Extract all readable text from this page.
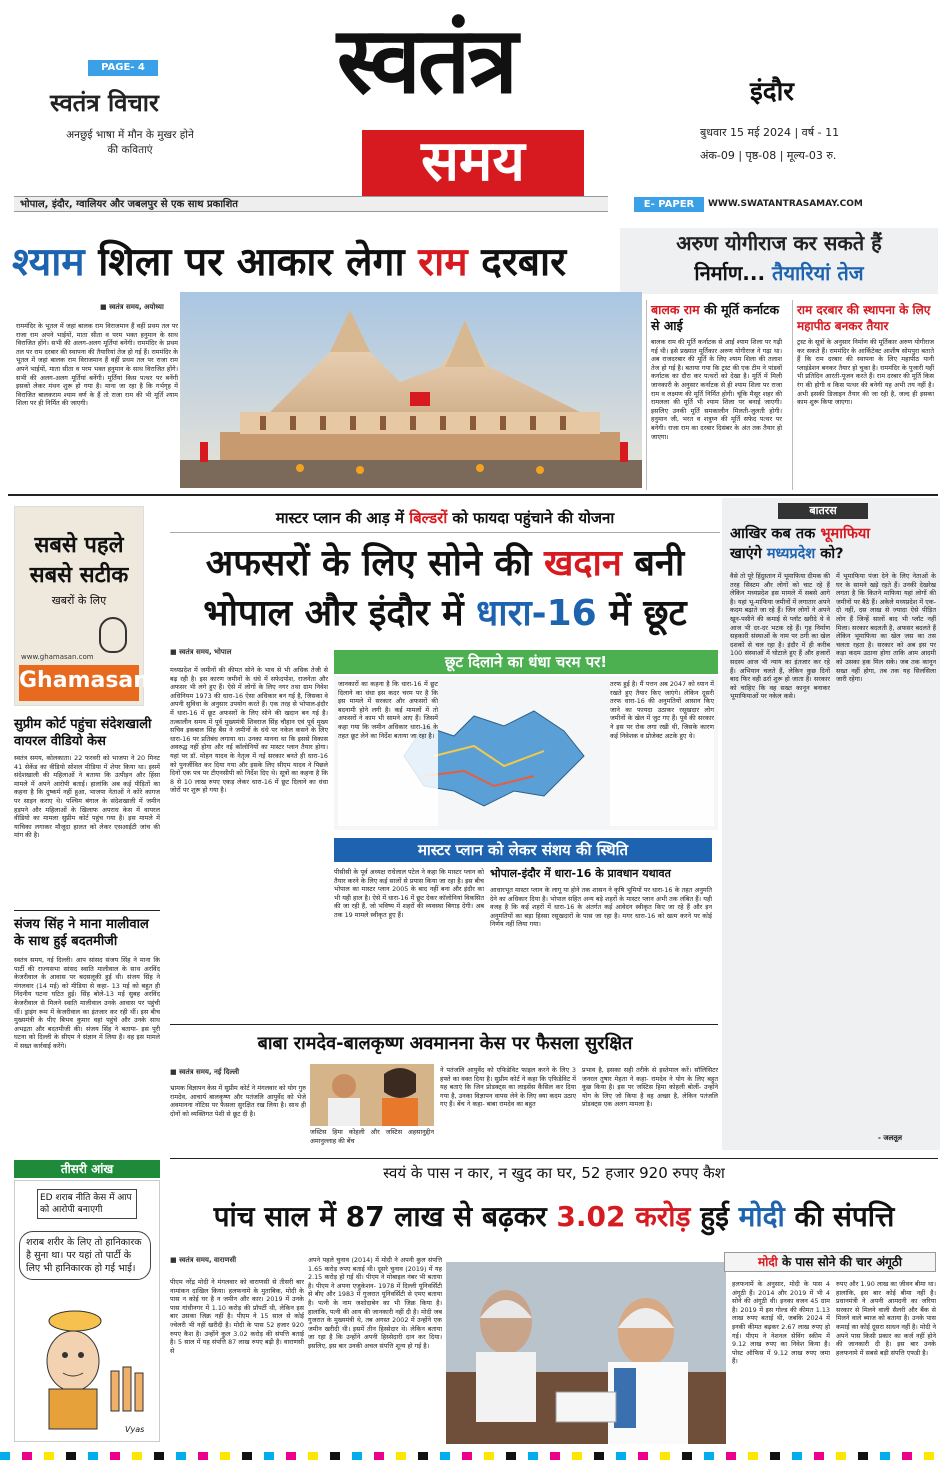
PAGE- 4
स्वतंत्र विचार
अनछुई भाषा में मौन के मुखर होने की कविताएं
स्वतंत्र
समय
इंदौर
बुधवार 15 मई 2024 | वर्ष - 11
अंक-09 | पृष्ठ-08 | मूल्य-03 रु.
भोपाल, इंदौर, ग्वालियर और जबलपुर से एक साथ प्रकाशित	E- PAPER	WWW.SWATANTRASAMAY.COM
श्याम शिला पर आकार लेगा राम दरबार	अरुण योगीराज कर सकते हैं
निर्माण... तैयारियां तेज
■ स्वतंत्र समय, अयोध्या
राममंदिर के भूतल में जहां बालक राम विराजमान हैं वहीं प्रथम तल पर राजा राम अपने भाईयों, माता सीता व परम भक्त हनुमान के साथ विराजित होंगे। सभी की अलग-अलग मूर्तियां बनेंगी। राममंदिर के प्रथम तल पर राम दरबार की स्थापना की तैयारियां तेज हो गई हैं। राममंदिर के भूतल में जहां बालक राम विराजमान हैं वहीं प्रथम तल पर राजा राम अपने भाईयों, माता सीता व परम भक्त हनुमान के साथ विराजित होंगे। सभी की अलग-अलग मूर्तियां बनेंगी। मूर्तियां किस पत्थर पर बनेंगी इसको लेकर मंथन शुरू हो गया है। माना जा रहा है कि गर्भगृह में विराजित बालकराम श्याम वर्ण के हैं तो राजा राम की भी मूर्ति श्याम शिला पर ही निर्मित की जाएगी।
बालक राम की मूर्ति कर्नाटक से आई
बालक राम की मूर्ति कर्नाटक से आई श्याम शिला पर गढ़ी गई थी। इसे प्रख्यात मूर्तिकार अरुण योगीराज ने गढ़ा था। अब राजदरबार की मूर्ति के लिए श्याम शिला की तलाश तेज हो गई है। बताया गया कि ट्रस्ट की एक टीम ने पांडवों कर्नाटक का दौरा कर पत्थरों को देखा है। मूर्ति में मिली जानकारी के अनुसार कर्नाटक से ही श्याम शिला पर राजा राम व लक्ष्मण की मूर्ति निर्मित होगी। चूंकि मैसूर शहर की रामलला की मूर्ति भी श्याम शिला पर बनाई जाएगी। इसलिए उनकी मूर्ति समकालीन मिलती-जुलती होगी। हनुमान जी, भरत व शत्रुघ्न की मूर्ति सफेद पत्थर पर बनेगी। राजा राम का दरबार दिसंबर के अंत तक तैयार हो जाएगा।
राम दरबार की स्थापना के लिए महापीठ बनकर तैयार
ट्रस्ट के सूत्रों के अनुसार निर्माण की मूर्तिकार अरुण योगीराज कर सकते हैं। राममंदिर के आर्किटेक्ट आशीष सोमपुरा बताते हैं कि राम दरबार की स्थापना के लिए महापीठ यानी प्लाइंडेशन बनकर तैयार हो चुका है। राममंदिर के पुजारी यहीं भी प्रतिदिन आरती-पूजन करते हैं। राम दरबार की मूर्ति किस रंग की होगी व किस पत्थर की बनेगी यह अभी तय नहीं है। अभी इसकी डिजाइन तैयार की जा रही है, जल्द ही इसका काम शुरू किया जाएगा।
सबसे पहले
सबसे सटीक
खबरों के लिए
www.ghamasan.com
Ghamasan$_{.com}$
सुप्रीम कोर्ट पहुंचा संदेशखाली वायरल वीडियो केस
स्वतंत्र समय, कोलकाता। 22 फरवरी को भाजपा ने 20 मिनट 41 सेकेंड का वीडियो सोशल मीडिया में शेयर किया था। इसमें संदेशखाली की महिलाओं ने बताया कि उत्पीड़न और हिंसा मामले में अपने आरोपी बताई। हालांकि अब कई पीड़ितों का कहना है कि दुष्कर्म नहीं हुआ, भाजपा नेताओं ने कोरे कागज पर साइन कराए थे। पश्चिम बंगाल के संदेशखाली में जमीन हड़पने और महिलाओं के खिलाफ अपराध केस में वायरल वीडियो का मामला सुप्रीम कोर्ट पहुंच गया है। इस मामले में याचिका लगाकर मौजूदा हालत को लेकर एसआईटी जांच की मांग की है।
संजय सिंह ने माना मालीवाल के साथ हुई बदतमीजी
स्वतंत्र समय, नई दिल्ली। आप सांसद संजय सिंह ने माना कि पार्टी की राज्यसभा सांसद स्वाति मालीवाल के साथ अरविंद केजरीवाल के आवास पर बदसलूकी हुई थी। संजय सिंह ने मंगलवार (14 मई) को मीडिया से कहा- 13 मई को बहुत ही निंदनीय घटना घटित हुई। सिंह बोले-13 मई सुबह अरविंद केजरीवाल से मिलने स्वाति मालीवाल उनके आवास पर पहुंची थीं। ड्राइंग रूम में केजरीवाल का इंतजार कर रही थीं। इस बीच मुख्यमंत्री के पीए बिभव कुमार वहां पहुंचे और उनके साथ अभद्रता और बदतमीजी की। संजय सिंह ने बताया- इस पूरी घटना को दिल्ली के सीएम ने संज्ञान में लिया है। वह इस मामले में सख्त कार्रवाई करेंगे।
तीसरी आंख
ED शराब नीति केस में आप को आरोपी बनाएगी
शराब शरीर के लिए तो हानिकारक है सुना था। पर यहां तो पार्टी के लिए भी हानिकारक हो गई भाई।
Vyas
मास्टर प्लान की आड़ में बिल्डरों को फायदा पहुंचाने की योजना
अफसरों के लिए सोने की खदान बनी
भोपाल और इंदौर में धारा-16 में छूट
■ स्वतंत्र समय, भोपाल
मध्यप्रदेश में जमीनों की कीमत सोने के भाव से भी अधिक तेजी से बढ़ रही है। इस कारण जमीनों के धंधे में सफेदपोश, राजनेता और अफसर भी लगे हुए हैं। ऐसे में लोगों के लिए नगर तथा ग्राम निवेश अधिनियम 1973 की धारा-16 ऐसा अधिकार बन गई है, जिसका वे अपनी सुविधा के अनुसार उपयोग करते हैं। एक तरह से भोपाल-इंदौर में धारा-16 में छूट अफसरों के लिए सोने की खदान बन गई है। तत्कालीन समय में पूर्व मुख्यमंत्री शिवराज सिंह चौहान एवं पूर्व मुख्य सचिव इकबाल सिंह बैंस ने जमीनों के धंधे पर नकेल कसने के लिए धारा-16 पर प्रतिबंध लगाया था। उनका मानना था कि इससे विकास अवरुद्ध नहीं होगा और नई कॉलोनियों का मास्टर प्लान तैयार होगा। यहां पर डॉ. मोहन यादव के नेतृत्व में नई सरकार बनते ही धारा-16 को पुनर्जीवित कर दिया गया और इसके लिए सीएम यादव ने पिछले दिनों एक पत्र पर टीएनसीपी को निर्देश दिए थे। सूत्रों का कहना है कि 8 से 10 लाख रुपए एकड़ लेकर धारा-16 में छूट दिलाने का धंधा जोरों पर शुरू हो गया है।
छूट दिलाने का धंधा चरम पर!
जानकारों का कहना है कि धारा-16 में छूट दिलाने का धंधा इस कदर चरम पर है कि इस मामले में सरकार और अफसरों की बदनामी होने लगी है। कई मामलों में तो अफसरों ने काम भी सामने आए हैं। जिसमें कहा गया कि जमीन अधिकार धारा-16 के तहत छूट लेने का निर्देश बताया जा रहा है।
तरफ हुई है। मैं पत्तन अब 2047 को ध्यान में रखते हुए तैयार किए जाएंगे। लेकिन दूसरी तरफ धारा-16 की अनुमतियों आसान किए जाने का फायदा उठाकर रसूखदार लोग जमीनों के खेल में जुट गए हैं। पूर्व की सरकार ने इस पर रोक लगा रखी थी, जिसके कारण कई निवेशक व प्रोजेक्ट अटके हुए थे।
मास्टर प्लान को लेकर संशय की स्थिति
पीसीसी के पूर्व अध्यक्ष राधेलाल पटेल ने कहा कि मास्टर प्लान को तैयार करने के लिए कई सालों से प्रयास किया जा रहा है। इस बीच भोपाल का मास्टर प्लान 2005 के बाद नहीं बना और इंदौर का भी यही हाल है। ऐसे में धारा-16 में छूट देकर कॉलोनियां विकसित की जा रही हैं, जो भविष्य में शहरों की व्यवस्था बिगाड़ देंगी। अब तक 19 मामले स्वीकृत हुए हैं।
भोपाल-इंदौर में धारा-16 के प्रावधान यथावत
आधारभूत मास्टर प्लान के लागू या होने तक शासन ने कृषि भूमियों पर धारा-16 के तहत अनुमति देने का अधिकार दिया है। भोपाल सहित अन्य बड़े शहरों के मास्टर प्लान अभी तक लंबित हैं। यही वजह है कि कई शहरों में धारा-16 के अंतर्गत कई आवेदन स्वीकृत किए जा रहे हैं और इन अनुमतियों का बड़ा हिस्सा रसूखदारों के पास जा रहा है। मगर धारा-16 को खत्म करने पर कोई निर्णय नहीं लिया गया।
बातरस
आखिर कब तक भूमाफिया
खाएंगे मध्यप्रदेश को?
वैसे तो पूरे हिंदुस्तान में भूमाफिया दीमक की तरह सिस्टम और लोगों को चाट रहे हैं लेकिन मध्यप्रदेश इस मामले में सबसे आगे है। यहां भू-माफिया जमीनों में लगातार अपने कदम बढ़ाते जा रहे हैं। जिन लोगों ने अपने खून-पसीने की कमाई से प्लॉट खरीदे थे वे आज भी दर-दर भटक रहे हैं। गृह निर्माण सहकारी संस्थाओं के नाम पर ठगी का खेल दशकों से चल रहा है। इंदौर में ही करीब 100 संस्थाओं में घोटाले हुए हैं और हजारों सदस्य आज भी न्याय का इंतजार कर रहे हैं। अभियान चलते हैं, लेकिन कुछ दिनों बाद फिर वही ढर्रा शुरू हो जाता है। सरकार को चाहिए कि वह सख्त कानून बनाकर भूमाफियाओं पर नकेल कसे।
में भूमाफिया पंजा देने के लिए नेताओं के घर के सामने खड़े रहते हैं। उनकी देखरेख लगता है कि कितने माफिया यहां लोगों की जमीनों पर बैठे हैं। अकेले मध्यप्रदेश में एक-दो नहीं, दस लाख से ज्यादा ऐसे पीड़ित लोग हैं जिन्हें सालों बाद भी प्लॉट नहीं मिला। सरकार बदलती है, अफसर बदलते हैं लेकिन भूमाफिया का खेल जस का तस चलता रहता है। सरकार को अब इस पर कड़ा कदम उठाना होगा ताकि आम आदमी को उसका हक मिल सके। जब तक कानून सख्त नहीं होगा, तब तक यह सिलसिला जारी रहेगा।
- जलतूल
बाबा रामदेव-बालकृष्ण अवमानना केस पर फैसला सुरक्षित
■ स्वतंत्र समय, नई दिल्ली
भ्रामक विज्ञापन केस में सुप्रीम कोर्ट ने मंगलवार को योग गुरु रामदेव, आचार्य बालकृष्ण और पतंजलि आयुर्वेद को भेजे अवमानना नोटिस पर फैसला सुरक्षित रख लिया है। साथ ही दोनों को व्यक्तिगत पेशी से छूट दी है।
जस्टिस हिमा कोहली और जस्टिस अहसानुद्दीन अमानुल्लाह की बेंच
ने पतंजलि आयुर्वेद को एफिडेविट फाइल करने के लिए 3 हफ्ते का वक्त दिया है। सुप्रीम कोर्ट ने कहा कि एफिडेविट में यह बताएं कि जिन प्रोडक्ट्स का लाइसेंस कैंसिल कर दिया गया है, उनका विज्ञापन वापस लेने के लिए क्या कदम उठाए गए हैं। बेंच ने कहा- बाबा रामदेव का बहुत
प्रभाव है, इसका सही तरीके से इस्तेमाल करें। सॉलिसिटर जनरल तुषार मेहता ने कहा- रामदेव ने योग के लिए बहुत कुछ किया है। इस पर जस्टिस हिमा कोहली बोलीं- उन्होंने योग के लिए जो किया है वह अच्छा है, लेकिन पतंजलि प्रोडक्ट्स एक अलग मामला है।
स्वयं के पास न कार, न खुद का घर, 52 हजार 920 रुपए कैश
पांच साल में 87 लाख से बढ़कर 3.02 करोड़ हुई मोदी की संपत्ति
■ स्वतंत्र समय, वाराणसी
पीएम नरेंद्र मोदी ने मंगलवार को वाराणसी से तीसरी बार नामांकन दाखिल किया। हलफनामे के मुताबिक, मोदी के पास न कोई घर है न जमीन और कार। 2019 में उनके पास गांधीनगर में 1.10 करोड़ की प्रॉपर्टी थी, लेकिन इस बार उसका जिक्र नहीं है। पीएम ने 15 साल से कोई ज्वेलरी भी नहीं खरीदी है। मोदी के पास 52 हजार 920 रुपए कैश है। उन्होंने कुल 3.02 करोड़ की संपत्ति बताई है। 5 साल में यह संपत्ति 87 लाख रुपए बढ़ी है। वाराणसी से
अपने पहले चुनाव (2014) में मोदी ने अपनी कुल संपत्ति 1.65 करोड़ रुपए बताई थी। दूसरे चुनाव (2019) में यह 2.15 करोड़ हो गई थी। पीएम ने मोबाइल नंबर भी बताया है। पीएम ने अपना एजुकेशन- 1978 में दिल्ली यूनिवर्सिटी से बीए और 1983 में गुजरात यूनिवर्सिटी से एमए बताया है। पत्नी के नाम जशोदाबेन का भी जिक्र किया है। हालांकि, पत्नी की आय की जानकारी नहीं दी है। मोदी जब गुजरात के मुख्यमंत्री थे, तब अगस्त 2002 में उन्होंने एक जमीन खरीदी थी। इसमें तीन हिस्सेदार थे। लेकिन बताया जा रहा है कि उन्होंने अपनी हिस्सेदारी दान कर दिया। इसलिए, इस बार उनकी अचल संपत्ति शून्य हो गई है।
मोदी के पास सोने की चार अंगूठी
हलफनामें के अनुसार, मोदी के पास 4 अंगूठी हैं। 2014 और 2019 में भी 4 सोने की अंगूठी थी। इनका वजन 45 ग्राम है। 2019 में इस गोल्ड की कीमत 1.13 लाख रुपए बताई थी, जबकि 2024 में इनकी कीमत बढ़कर 2.67 लाख रुपए हो गई। पीएम ने नेशनल सेविंग स्कीम में 9.12 लाख रुपए का निवेश किया है। पोस्ट ऑफिस में 9.12 लाख रुपए जमा हैं।
रुपए और 1.90 लाख का जीवन बीमा था। हालांकि, इस बार कोई बीमा नहीं है। प्रधानमंत्री ने अपनी आमदनी का जरिया सरकार से मिलने वाली सैलरी और बैंक से मिलने वाले ब्याज को बताया है। उनके पास कमाई का कोई दूसरा साधन नहीं है। मोदी ने अपने पास किसी प्रकार का कर्ज नहीं होने की जानकारी दी है। इस बार उनके हलफनामे में सबसे बड़ी संपत्ति एफडी है।
